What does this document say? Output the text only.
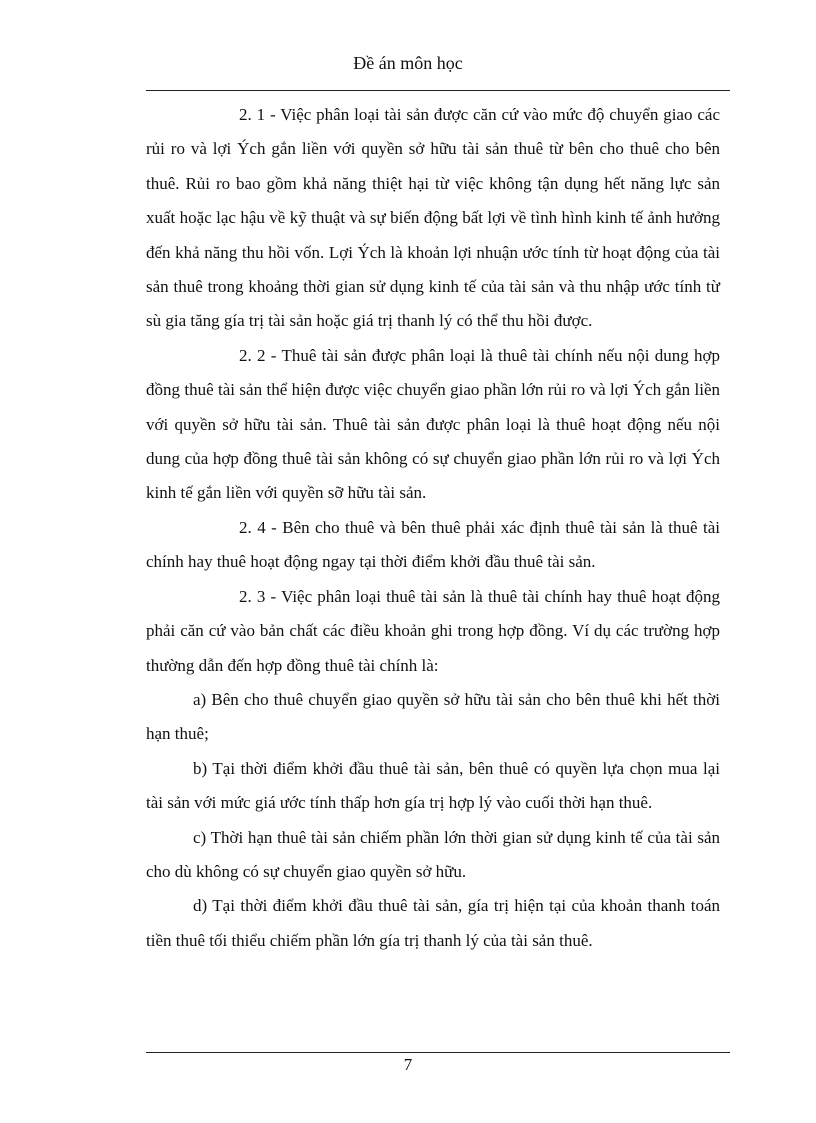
Đề án môn học

2. 1 - Việc phân loại tài sản được căn cứ vào mức độ chuyển giao các rủi ro và lợi Ých gắn liền với quyền sở hữu tài sản thuê từ bên cho thuê cho bên thuê. Rủi ro bao gồm khả năng thiệt hại từ việc không tận dụng hết năng lực sản xuất hoặc lạc hậu về kỹ thuật và sự biến động bất lợi về tình hình kinh tế ảnh hưởng đến khả năng thu hồi vốn. Lợi Ých là khoản lợi nhuận ước tính từ hoạt động của tài sản thuê trong khoảng thời gian sử dụng kinh tế của tài sản và thu nhập ước tính từ sù gia tăng gía trị tài sản hoặc giá trị thanh lý có thể thu hồi được.

2. 2 - Thuê tài sản được phân loại là thuê tài chính nếu nội dung hợp đồng thuê tài sản thể hiện được việc chuyển giao phần lớn rủi ro và lợi Ých gắn liền với quyền sở hữu tài sản. Thuê tài sản được phân loại là thuê hoạt động nếu nội dung của hợp đồng thuê tài sản không có sự chuyển giao phần lớn rủi ro và lợi Ých kinh tế gắn liền với quyền sỡ hữu tài sản.

2. 4 - Bên cho thuê và bên thuê phải xác định thuê tài sản là thuê tài chính hay thuê hoạt động ngay tại thời điểm khởi đầu thuê tài sản.

2. 3 - Việc phân loại thuê tài sản là thuê tài chính hay thuê hoạt động phải căn cứ vào bản chất các điều khoản ghi trong hợp đồng. Ví dụ các trường hợp thường dẫn đến hợp đồng thuê tài chính là:

a) Bên cho thuê chuyển giao quyền sở hữu tài sản cho bên thuê khi hết thời hạn thuê;

b) Tại thời điểm khởi đầu thuê tài sản, bên thuê có quyền lựa chọn mua lại tài sản với mức giá ước tính thấp hơn gía trị hợp lý vào cuối thời hạn thuê.

c) Thời hạn thuê tài sản chiếm phần lớn thời gian sử dụng kinh tế của tài sản cho dù không có sự chuyển giao quyền sở hữu.

d) Tại thời điểm khởi đầu thuê tài sản, gía trị hiện tại của khoản thanh toán tiền thuê tối thiểu chiếm phần lớn gía trị thanh lý của tài sản thuê.

7
